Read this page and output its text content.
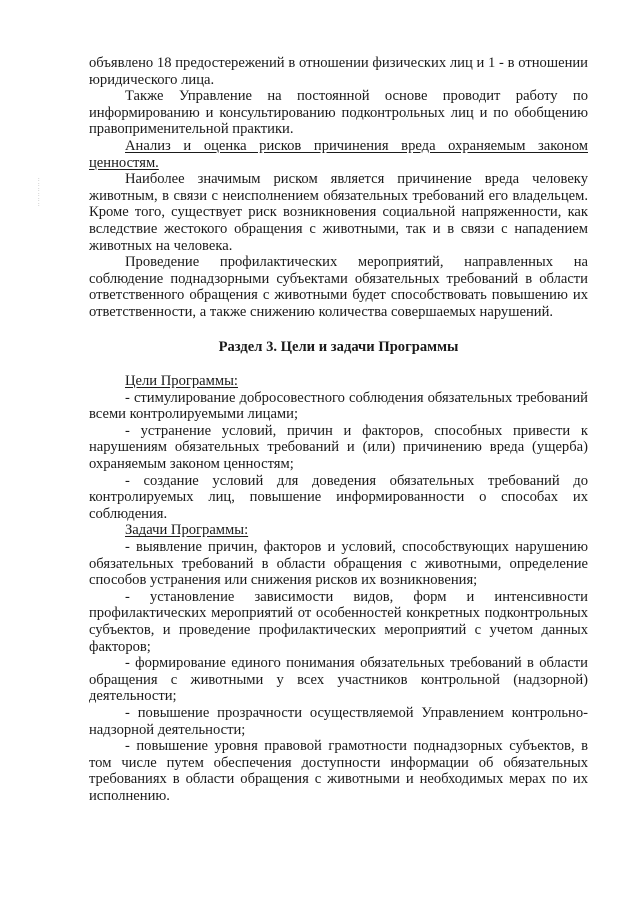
:
:
:
:
:
:

объявлено 18 предостережений в отношении физических лиц и 1 - в отношении юридического лица.

Также Управление на постоянной основе проводит работу по информированию и консультированию подконтрольных лиц и по обобщению правоприменительной практики.

Анализ и оценка рисков причинения вреда охраняемым законом ценностям.

Наиболее значимым риском является причинение вреда человеку животным, в связи с неисполнением обязательных требований его владельцем. Кроме того, существует риск возникновения социальной напряженности, как вследствие жестокого обращения с животными, так и в связи с нападением животных на человека.

Проведение профилактических мероприятий, направленных на соблюдение поднадзорными субъектами обязательных требований в области ответственного обращения с животными будет способствовать повышению их ответственности, а также снижению количества совершаемых нарушений.

Раздел 3. Цели и задачи Программы

Цели Программы:

- стимулирование добросовестного соблюдения обязательных требований всеми контролируемыми лицами;

- устранение условий, причин и факторов, способных привести к нарушениям обязательных требований и (или) причинению вреда (ущерба) охраняемым законом ценностям;

- создание условий для доведения обязательных требований до контролируемых лиц, повышение информированности о способах их соблюдения.

Задачи Программы:

- выявление причин, факторов и условий, способствующих нарушению обязательных требований в области обращения с животными, определение способов устранения или снижения рисков их возникновения;

- установление зависимости видов, форм и интенсивности профилактических мероприятий от особенностей конкретных подконтрольных субъектов, и проведение профилактических мероприятий с учетом данных факторов;

- формирование единого понимания обязательных требований в области обращения с животными у всех участников контрольной (надзорной) деятельности;

- повышение прозрачности осуществляемой Управлением контрольно-надзорной деятельности;

- повышение уровня правовой грамотности поднадзорных субъектов, в том числе путем обеспечения доступности информации об обязательных требованиях в области обращения с животными и необходимых мерах по их исполнению.
